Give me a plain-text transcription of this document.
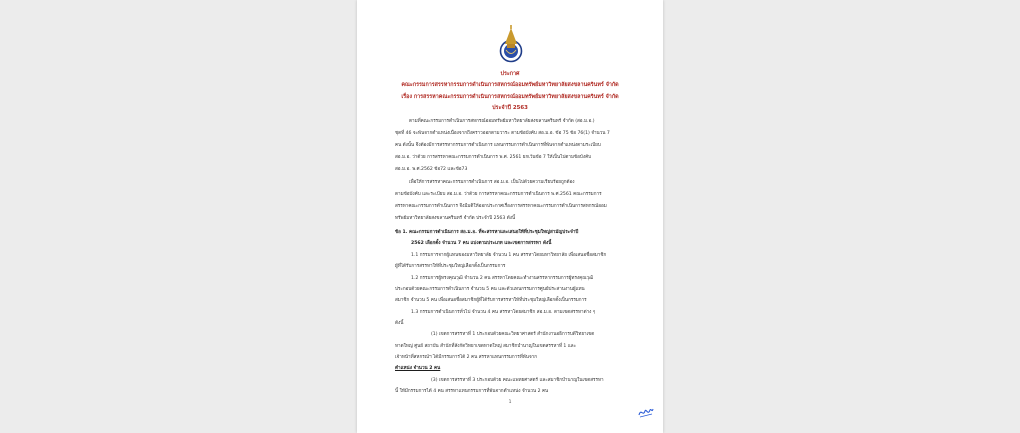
ประกาศ

คณะกรรมการสรรหากรรมการดำเนินการสหกรณ์ออมทรัพย์มหาวิทยาลัยสงขลานครินทร์ จำกัด

เรื่อง การสรรหาคณะกรรมการดำเนินการสหกรณ์ออมทรัพย์มหาวิทยาลัยสงขลานครินทร์ จำกัด

ประจำปี 2563

ตามที่คณะกรรมการดำเนินการสหกรณ์ออมทรัพย์มหาวิทยาลัยสงขลานครินทร์ จำกัด (สอ.ม.อ.)

ชุดที่ 46 จะพ้นจากตำแหน่งเนื่องจากถึงคราวออกตามวาระ ตามข้อบังคับ สอ.ม.อ. ข้อ 75 ข้อ 76(1) จำนวน 7

คน ดังนั้น จึงต้องมีการสรรหากรรมการดำเนินการ แทนกรรมการดำเนินการที่พ้นจากตำแหน่งตามระเบียบ

สอ.ม.อ. ว่าด้วย การสรรหาคณะกรรมการดำเนินการ พ.ศ. 2561 ยกเว้นข้อ 7 ให้เป็นไปตามข้อบังคับ

สอ.ม.อ. พ.ศ.2562 ข้อ72 และข้อ73

เพื่อให้การสรรหาคณะกรรมการดำเนินการ สอ.ม.อ. เป็นไปด้วยความเรียบร้อยถูกต้อง

ตามข้อบังคับ และระเบียบ สอ.ม.อ. ว่าด้วย การสรรหาคณะกรรมการดำเนินการ พ.ศ.2561 คณะกรรมการ

สรรหาคณะกรรมการดำเนินการ จึงมีมติให้ออกประกาศเรื่องการสรรหาคณะกรรมการดำเนินการสหกรณ์ออม

ทรัพย์มหาวิทยาลัยสงขลานครินทร์ จำกัด ประจำปี 2563 ดังนี้

ข้อ 1. คณะกรรมการดำเนินการ สอ.ม.อ. ที่จะสรรหาและเสนอให้ที่ประชุมใหญ่สามัญประจำปี

2562 เลือกตั้ง จำนวน 7 คน แบ่งตามประเภท และเขตการสรรหา ดังนี้

1.1 กรรมการจากผู้แทนของมหาวิทยาลัย จำนวน 1 คน สรรหาโดยมหาวิทยาลัย เพื่อเสนอชื่อสมาชิก

ผู้ที่ได้รับการสรรหาให้ที่ประชุมใหญ่เลือกตั้งเป็นกรรมการ

1.2 กรรมการผู้ทรงคุณวุฒิ จำนวน 2 คน สรรหาโดยคณะทำงานสรรหากรรมการผู้ทรงคุณวุฒิ

ประกอบด้วยคณะกรรมการดำเนินการ จำนวน 5 คน และตัวแทนกรรมการศูนย์ประสานงานผู้แทน

สมาชิก จำนวน 5 คน เพื่อเสนอชื่อสมาชิกผู้ที่ได้รับการสรรหาให้ที่ประชุมใหญ่เลือกตั้งเป็นกรรมการ

1.3 กรรมการดำเนินการทั่วไป จำนวน 4 คน สรรหาโดยสมาชิก สอ.ม.อ. ตามเขตสรรหาต่าง ๆ

ดังนี้

(1) เขตการสรรหาที่ 1 ประกอบด้วยคณะวิทยาศาสตร์ สำนักงานอธิการบดีวิทยาเขต

หาดใหญ่ ศูนย์ สถาบัน สำนักที่สังกัดวิทยาเขตหาดใหญ่ สมาชิกบำนาญในเขตสรรหาที่ 1 และ

เจ้าหน้าที่สหกรณ์ฯ ได้มีกรรมการได้ 2 คน สรรหาแทนกรรมการที่พ้นจาก

ตำแหน่ง จำนวน 2 คน

(3) เขตการสรรหาที่ 3 ประกอบด้วย คณะแพทยศาสตร์ และสมาชิกบำนาญในเขตสรรหา

นี้ ให้มีกรรมการได้ 4 คน สรรหาแทนกรรมการที่พ้นจากตำแหน่ง จำนวน 2 คน

1
